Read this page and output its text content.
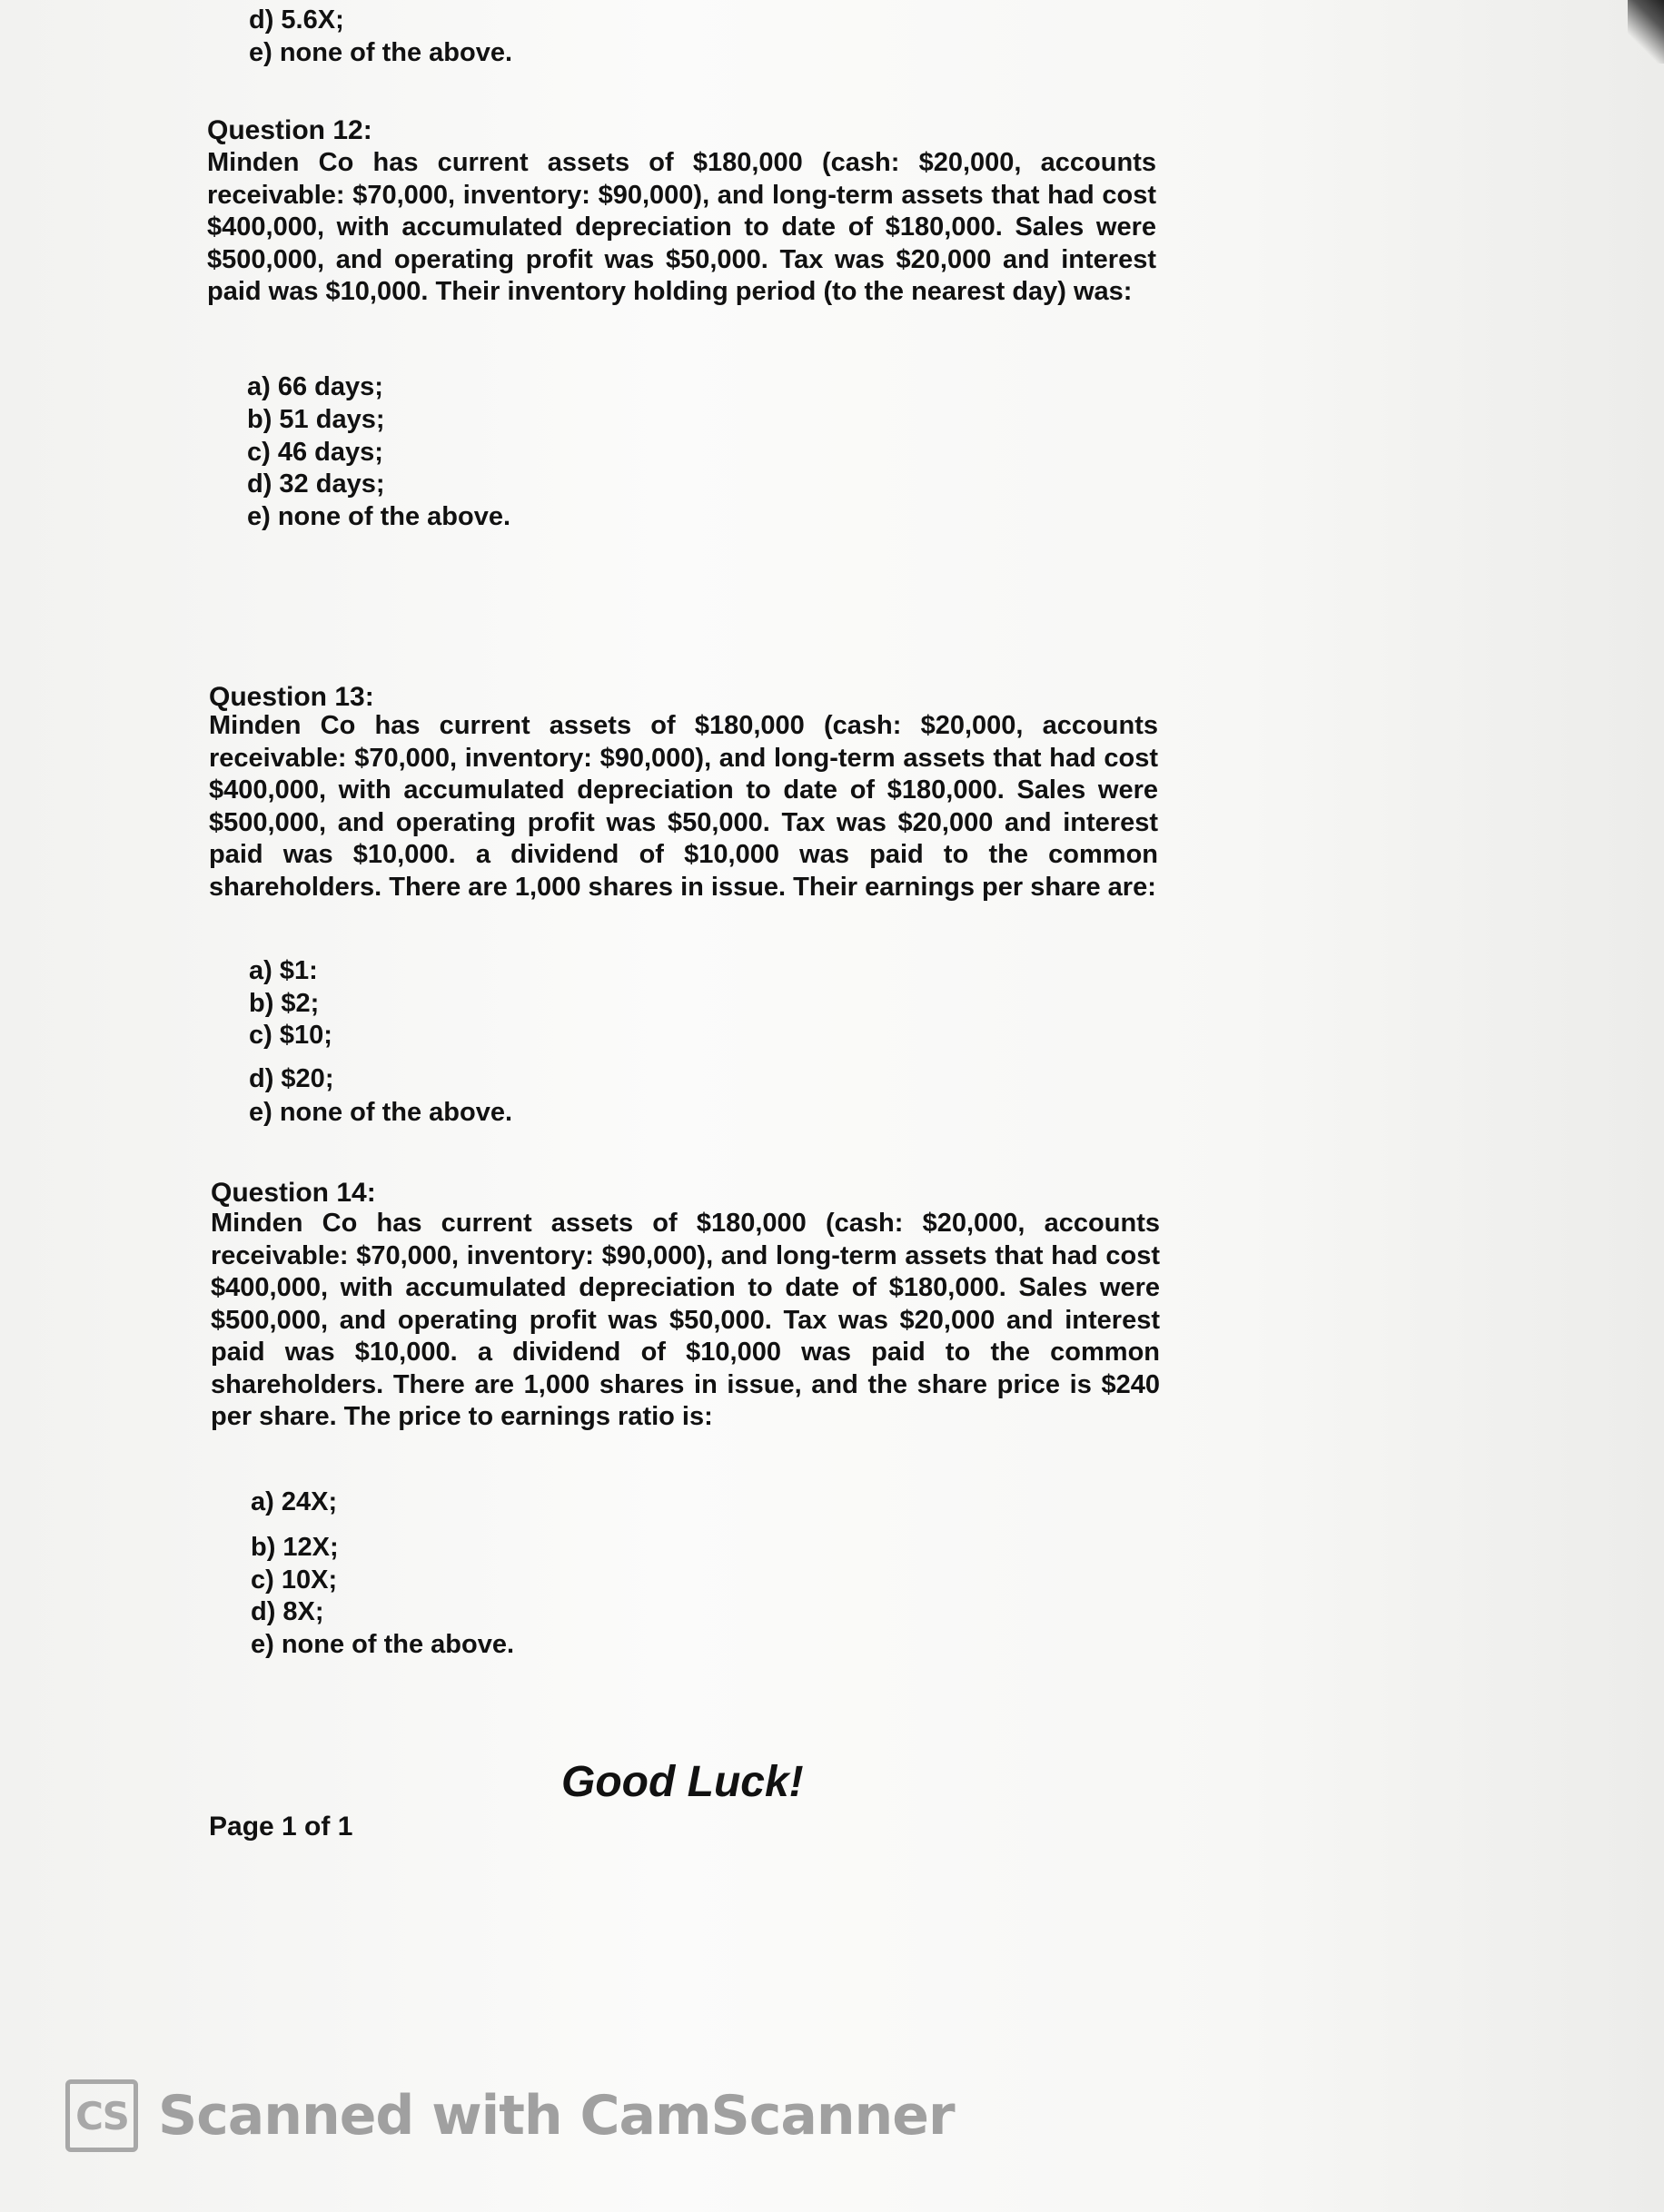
d) 5.6X;
e) none of the above.
Question 12:
Minden Co has current assets of $180,000 (cash: $20,000, accounts receivable: $70,000, inventory: $90,000), and long-term assets that had cost $400,000, with accumulated depreciation to date of $180,000. Sales were $500,000, and operating profit was $50,000. Tax was $20,000 and interest paid was $10,000. Their inventory holding period (to the nearest day) was:
a) 66 days;
b) 51 days;
c) 46 days;
d) 32 days;
e) none of the above.
Question 13:
Minden Co has current assets of $180,000 (cash: $20,000, accounts receivable: $70,000, inventory: $90,000), and long-term assets that had cost $400,000, with accumulated depreciation to date of $180,000. Sales were $500,000, and operating profit was $50,000. Tax was $20,000 and interest paid was $10,000. a dividend of $10,000 was paid to the common shareholders. There are 1,000 shares in issue. Their earnings per share are:
a) $1:
b) $2;
c) $10;
d) $20;
e) none of the above.
Question 14:
Minden Co has current assets of $180,000 (cash: $20,000, accounts receivable: $70,000, inventory: $90,000), and long-term assets that had cost $400,000, with accumulated depreciation to date of $180,000. Sales were $500,000, and operating profit was $50,000. Tax was $20,000 and interest paid was $10,000. a dividend of $10,000 was paid to the common shareholders. There are 1,000 shares in issue, and the share price is $240 per share. The price to earnings ratio is:
a) 24X;
b) 12X;
c) 10X;
d) 8X;
e) none of the above.
Good Luck!
Page 1 of 1
CS Scanned with CamScanner
